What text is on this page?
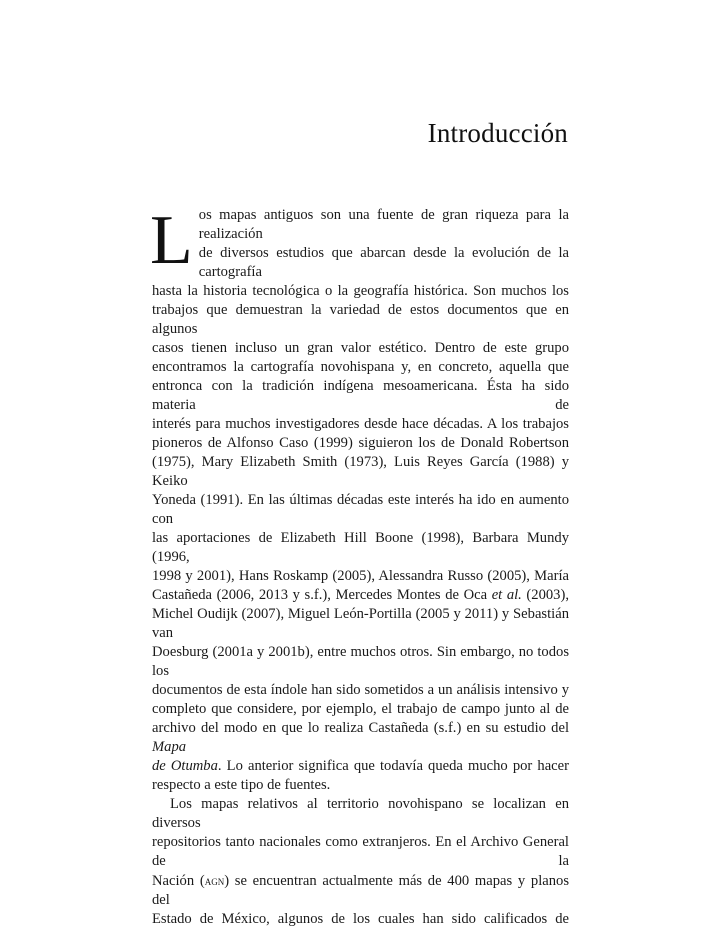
Introducción

L os mapas antiguos son una fuente de gran riqueza para la realización
de diversos estudios que abarcan desde la evolución de la cartografía
hasta la historia tecnológica o la geografía histórica. Son muchos los
trabajos que demuestran la variedad de estos documentos que en algunos
casos tienen incluso un gran valor estético. Dentro de este grupo
encontramos la cartografía novohispana y, en concreto, aquella que
entronca con la tradición indígena mesoamericana. Ésta ha sido materia de
interés para muchos investigadores desde hace décadas. A los trabajos
pioneros de Alfonso Caso (1999) siguieron los de Donald Robertson
(1975), Mary Elizabeth Smith (1973), Luis Reyes García (1988) y Keiko
Yoneda (1991). En las últimas décadas este interés ha ido en aumento con
las aportaciones de Elizabeth Hill Boone (1998), Barbara Mundy (1996,
1998 y 2001), Hans Roskamp (2005), Alessandra Russo (2005), María
Castañeda (2006, 2013 y s.f.), Mercedes Montes de Oca et al. (2003),
Michel Oudijk (2007), Miguel León-Portilla (2005 y 2011) y Sebastián van
Doesburg (2001a y 2001b), entre muchos otros. Sin embargo, no todos los
documentos de esta índole han sido sometidos a un análisis intensivo y
completo que considere, por ejemplo, el trabajo de campo junto al de
archivo del modo en que lo realiza Castañeda (s.f.) en su estudio del Mapa
de Otumba. Lo anterior significa que todavía queda mucho por hacer
respecto a este tipo de fuentes.

Los mapas relativos al territorio novohispano se localizan en diversos
repositorios tanto nacionales como extranjeros. En el Archivo General de la
Nación (agn) se encuentran actualmente más de 400 mapas y planos del
Estado de México, algunos de los cuales han sido calificados de
